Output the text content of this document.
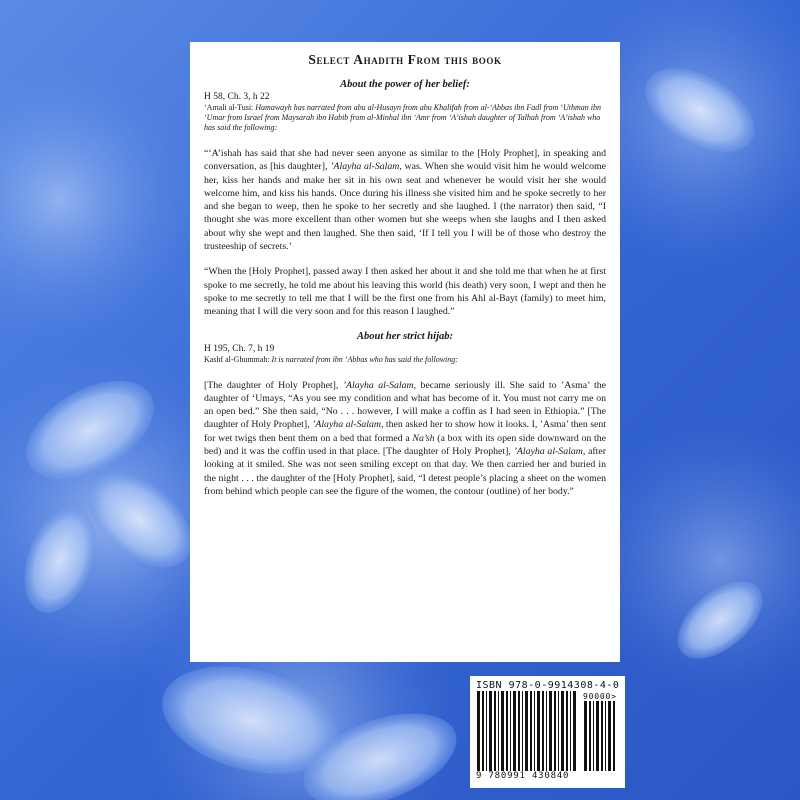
Select Ahadith From this book
About the power of her belief:
H 58, Ch. 3, h 22
‘Amali al-Tusi: Hamawayh has narrated from abu al-Husayn from abu Khalifah from al-‘Abbas ibn Fadl from ‘Uthman ibn ‘Umar from Israel from Maysarah ibn Habib from al-Minhal ibn ‘Amr from ‘A’ishah daughter of Talhah from ‘A’ishah who has said the following:

“‘A’ishah has said that she had never seen anyone as similar to the [Holy Prophet], in speaking and conversation, as [his daughter], ’Alayha al-Salam, was. When she would visit him he would welcome her, kiss her hands and make her sit in his own seat and whenever he would visit her she would welcome him, and kiss his hands. Once during his illness she visited him and he spoke secretly to her and she began to weep, then he spoke to her secretly and she laughed. I (the narrator) then said, “I thought she was more excellent than other women but she weeps when she laughs and I then asked about why she wept and then laughed. She then said, ‘If I tell you I will be of those who destroy the trusteeship of secrets.’

“When the [Holy Prophet], passed away I then asked her about it and she told me that when he at first spoke to me secretly, he told me about his leaving this world (his death) very soon, I wept and then he spoke to me secretly to tell me that I will be the first one from his Ahl al-Bayt (family) to meet him, meaning that I will die very soon and for this reason I laughed.”

About her strict hijab:
H 195, Ch. 7, h 19
Kashf al-Ghummah: It is narrated from ibn ‘Abbas who has said the following:

[The daughter of Holy Prophet], ’Alayha al-Salam, became seriously ill. She said to ’Asma’ the daughter of ‘Umays, “As you see my condition and what has become of it. You must not carry me on an open bed.” She then said, “No . . . however, I will make a coffin as I had seen in Ethiopia.” [The daughter of Holy Prophet], ’Alayha al-Salam, then asked her to show how it looks. I, ’Asma’ then sent for wet twigs then bent them on a bed that formed a Na’sh (a box with its open side downward on the bed) and it was the coffin used in that place. [The daughter of Holy Prophet], ’Alayha al-Salam, after looking at it smiled. She was not seen smiling except on that day. We then carried her and buried in the night . . . the daughter of the [Holy Prophet], said, “I detest people’s placing a sheet on the women from behind which people can see the figure of the women, the contour (outline) of her body.”

ISBN 978-0-9914308-4-0
90000>
9 780991 430840
